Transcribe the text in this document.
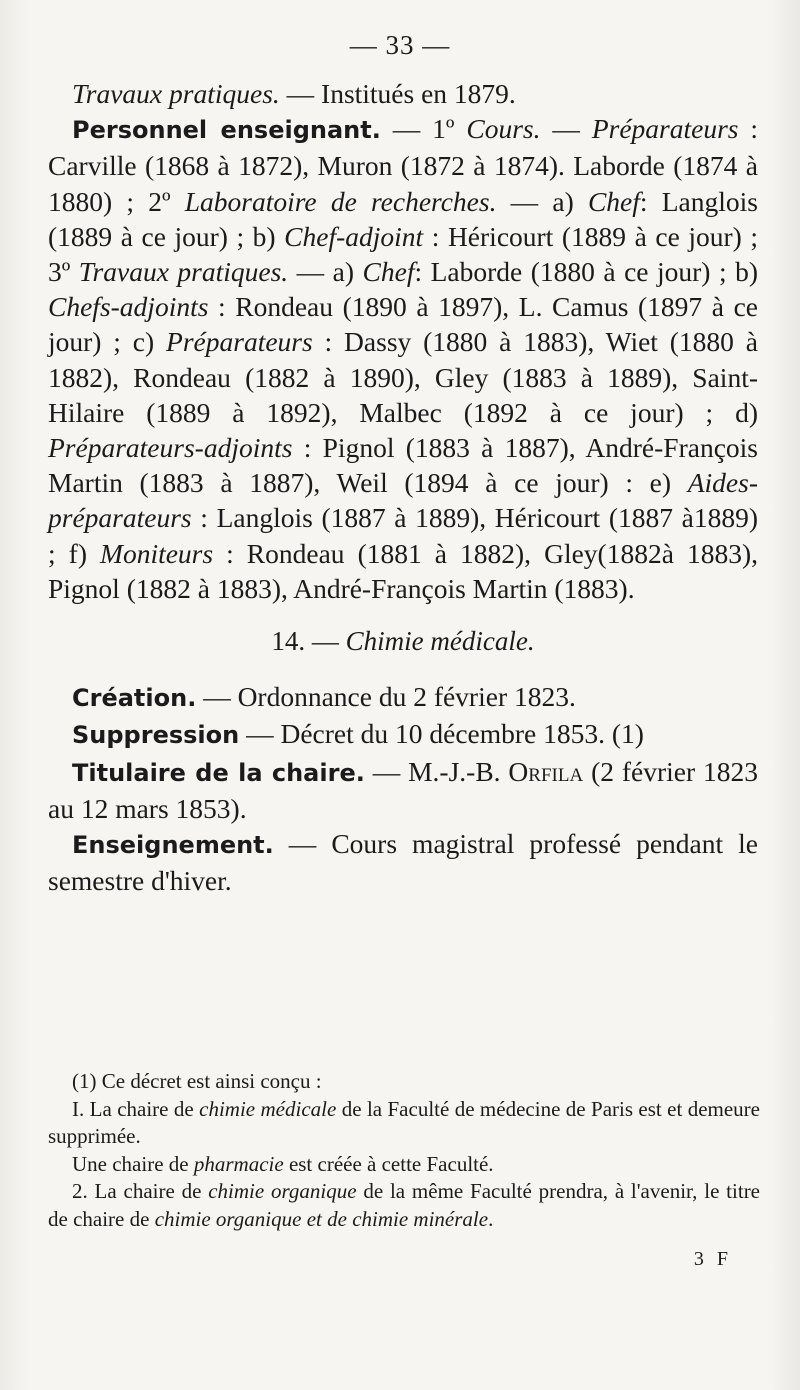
— 33 —

Travaux pratiques. — Institués en 1879.

Personnel enseignant. — 1º Cours. — Préparateurs : Carville (1868 à 1872), Muron (1872 à 1874). Laborde (1874 à 1880) ; 2º Laboratoire de recherches. — a) Chef: Langlois (1889 à ce jour) ; b) Chef-adjoint : Héricourt (1889 à ce jour) ; 3º Travaux pratiques. — a) Chef: Laborde (1880 à ce jour) ; b) Chefs-adjoints : Rondeau (1890 à 1897), L. Camus (1897 à ce jour) ; c) Préparateurs : Dassy (1880 à 1883), Wiet (1880 à 1882), Rondeau (1882 à 1890), Gley (1883 à 1889), Saint-Hilaire (1889 à 1892), Malbec (1892 à ce jour) ; d) Préparateurs-adjoints : Pignol (1883 à 1887), André-François Martin (1883 à 1887), Weil (1894 à ce jour) : e) Aides-préparateurs : Langlois (1887 à 1889), Héricourt (1887 à1889) ; f) Moniteurs : Rondeau (1881 à 1882), Gley(1882à 1883), Pignol (1882 à 1883), André-François Martin (1883).

14. — Chimie médicale.

Création. — Ordonnance du 2 février 1823.

Suppression — Décret du 10 décembre 1853. (1)

Titulaire de la chaire. — M.-J.-B. Orfila (2 février 1823 au 12 mars 1853).

Enseignement. — Cours magistral professé pendant le semestre d'hiver.

(1) Ce décret est ainsi conçu :

I. La chaire de chimie médicale de la Faculté de médecine de Paris est et demeure supprimée.

Une chaire de pharmacie est créée à cette Faculté.

2. La chaire de chimie organique de la même Faculté prendra, à l'avenir, le titre de chaire de chimie organique et de chimie minérale.

3 F
